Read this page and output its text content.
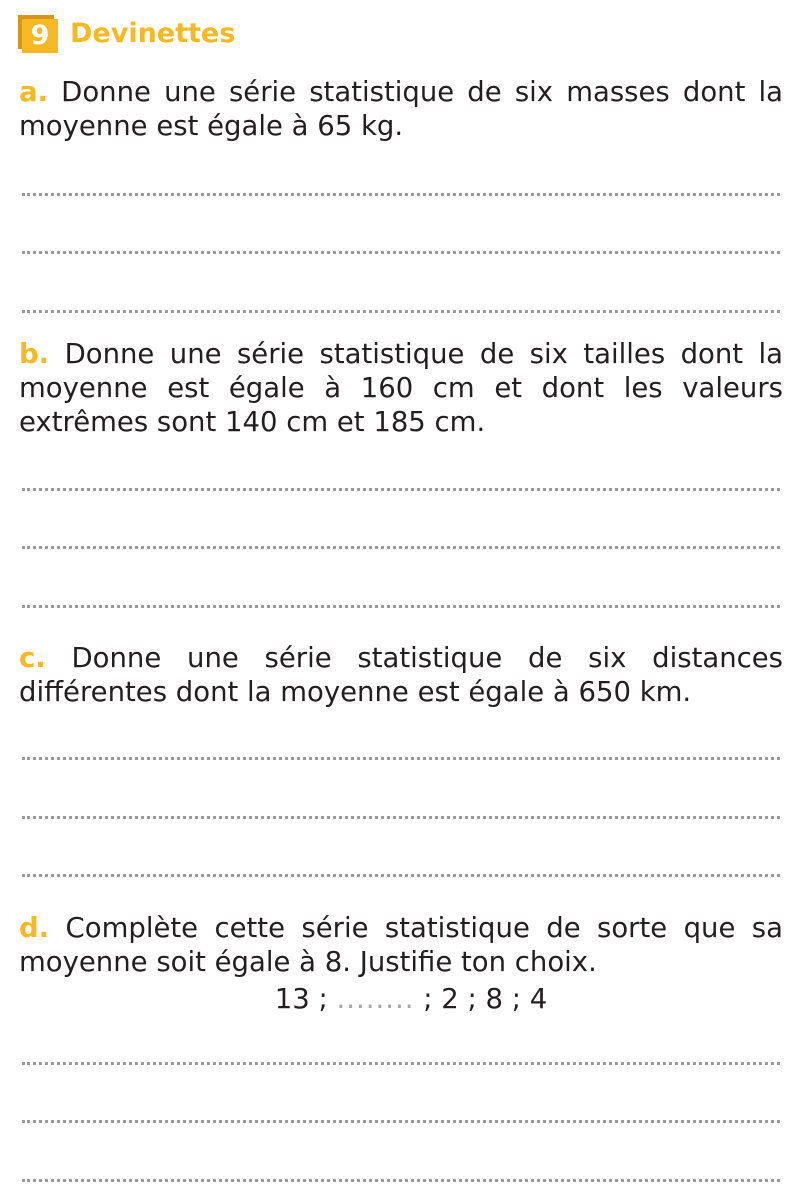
9 Devinettes
a. Donne une série statistique de six masses dont la moyenne est égale à 65 kg.
b. Donne une série statistique de six tailles dont la moyenne est égale à 160 cm et dont les valeurs extrêmes sont 140 cm et 185 cm.
c. Donne une série statistique de six distances différentes dont la moyenne est égale à 650 km.
d. Complète cette série statistique de sorte que sa moyenne soit égale à 8. Justifie ton choix.
13 ; ........ ; 2 ; 8 ; 4
